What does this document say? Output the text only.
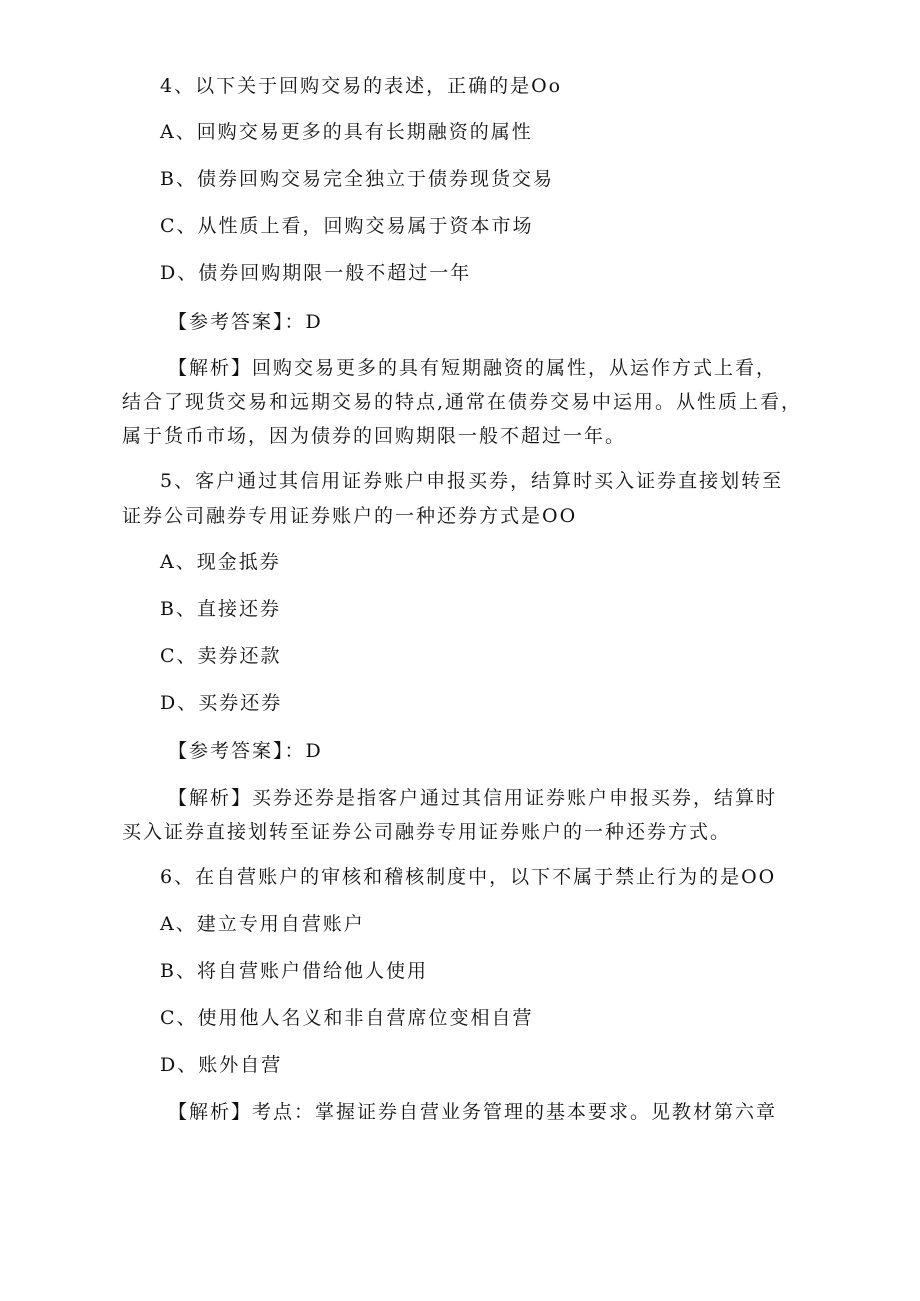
4、以下关于回购交易的表述，正确的是Oo
A、回购交易更多的具有长期融资的属性
B、债券回购交易完全独立于债券现货交易
C、从性质上看，回购交易属于资本市场
D、债券回购期限一般不超过一年
【参考答案】：D
【解析】回购交易更多的具有短期融资的属性，从运作方式上看，
结合了现货交易和远期交易的特点,通常在债券交易中运用。从性质上看，
属于货币市场，因为债券的回购期限一般不超过一年。
5、客户通过其信用证券账户申报买券，结算时买入证券直接划转至
证券公司融券专用证券账户的一种还券方式是OO
A、现金抵券
B、直接还券
C、卖券还款
D、买券还券
【参考答案】：D
【解析】买券还券是指客户通过其信用证券账户申报买券，结算时
买入证券直接划转至证券公司融券专用证券账户的一种还券方式。
6、在自营账户的审核和稽核制度中，以下不属于禁止行为的是OO
A、建立专用自营账户
B、将自营账户借给他人使用
C、使用他人名义和非自营席位变相自营
D、账外自营
【解析】考点：掌握证券自营业务管理的基本要求。见教材第六章
